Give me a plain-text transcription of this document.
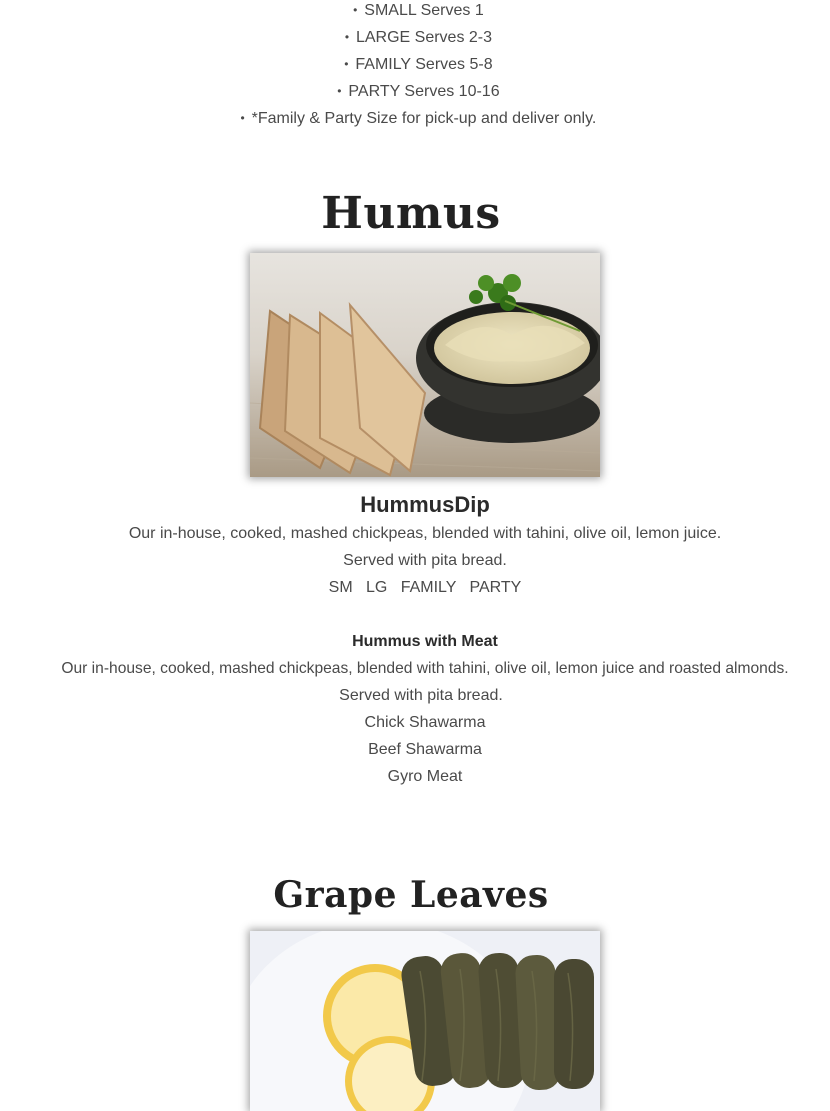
• SMALL Serves 1
• LARGE Serves 2-3
• FAMILY Serves 5-8
• PARTY Serves 10-16
• *Family & Party Size for pick-up and deliver only.
Humus
HummusDip
Our in-house, cooked, mashed chickpeas, blended with tahini, olive oil, lemon juice.
Served with pita bread.
SM   LG   FAMILY   PARTY
Hummus with Meat
Our in-house, cooked, mashed chickpeas, blended with tahini, olive oil, lemon juice and roasted almonds.
Served with pita bread.
Chick Shawarma
Beef Shawarma
Gyro Meat
Grape Leaves
